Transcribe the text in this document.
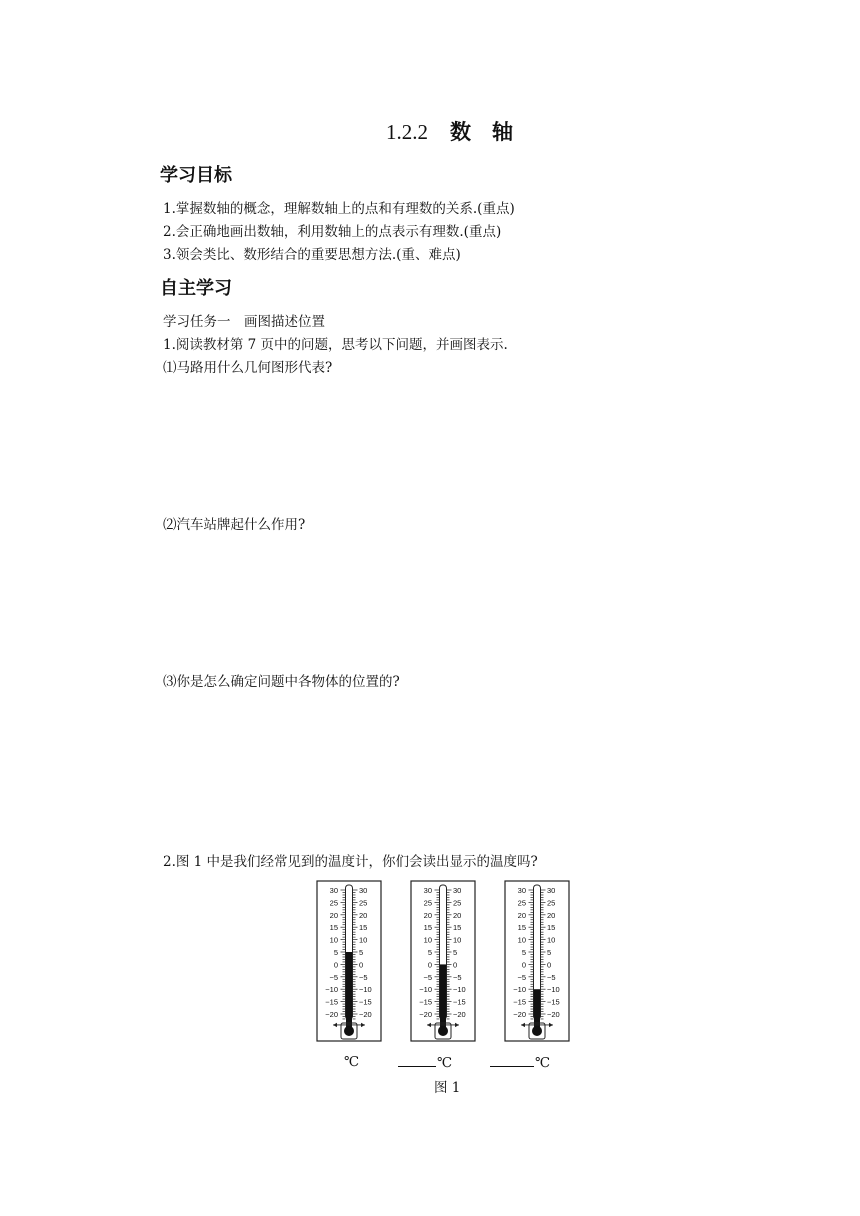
1.2.2 数　轴
学习目标
1.掌握数轴的概念，理解数轴上的点和有理数的关系.(重点)
2.会正确地画出数轴，利用数轴上的点表示有理数.(重点)
3.领会类比、数形结合的重要思想方法.(重、难点)
自主学习
学习任务一　画图描述位置
1.阅读教材第 7 页中的问题，思考以下问题，并画图表示.
⑴马路用什么几何图形代表?
⑵汽车站牌起什么作用?
⑶你是怎么确定问题中各物体的位置的?
2.图 1 中是我们经常见到的温度计，你们会读出显示的温度吗?
30	30
25	25
20	20
15	15
10	10
5	5
0	0
−5	−5
−10	−10
−15	−15
−20	−20
30	30
25	25
20	20
15	15
10	10
5	5
0	0
−5	−5
−10	−10
−15	−15
−20	−20
30	30
25	25
20	20
15	15
10	10
5	5
0	0
−5	−5
−10	−10
−15	−15
−20	−20
℃	℃	℃
图 1
